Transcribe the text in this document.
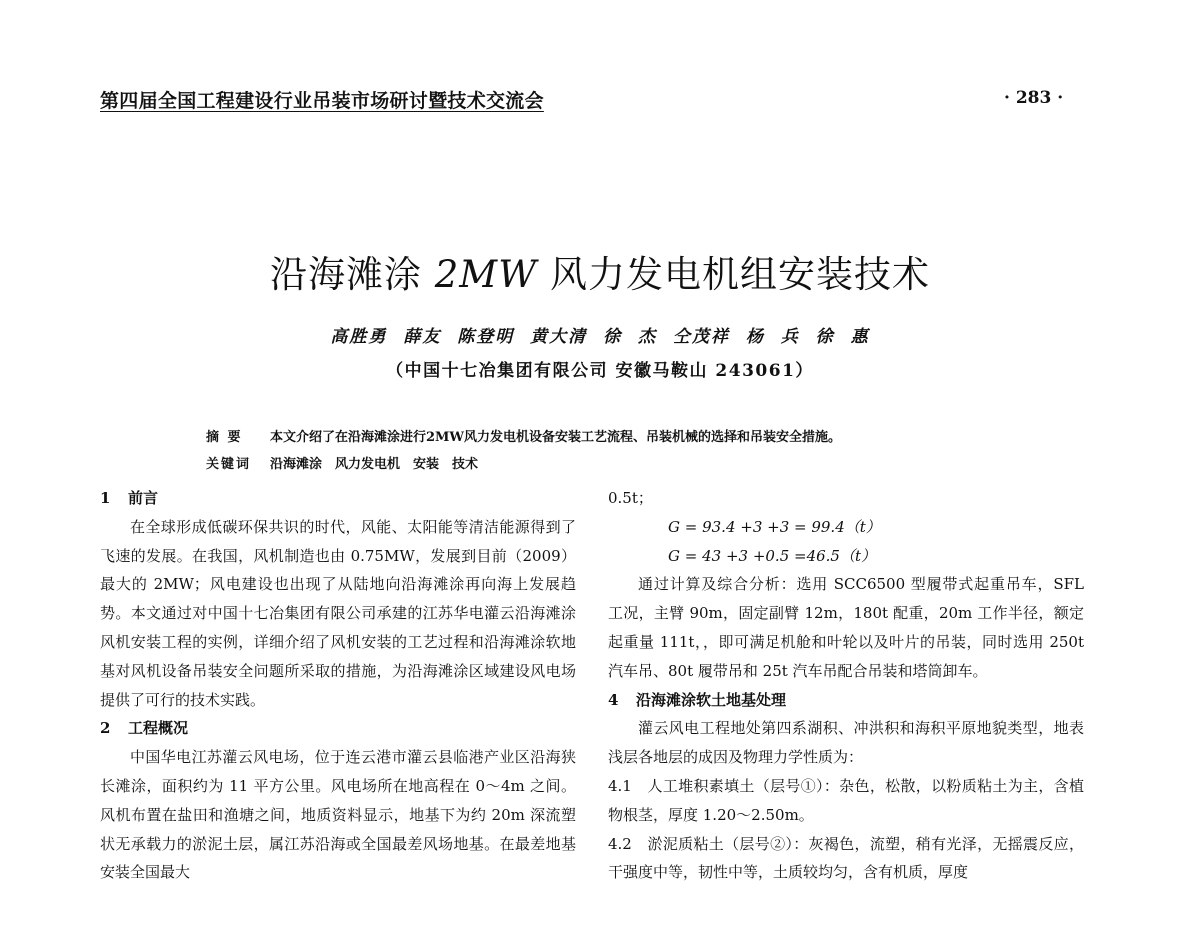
第四届全国工程建设行业吊装市场研讨暨技术交流会	· 283 ·
沿海滩涂 2MW 风力发电机组安装技术
高胜勇 薛友 陈登明 黄大清 徐 杰 仝茂祥 杨 兵 徐 惠
（中国十七冶集团有限公司 安徽马鞍山 243061）
摘 要 本文介绍了在沿海滩涂进行2MW风力发电机设备安装工艺流程、吊装机械的选择和吊装安全措施。
关键词 沿海滩涂　风力发电机　安装　技术
1 前言

在全球形成低碳环保共识的时代，风能、太阳能等清洁能源得到了飞速的发展。在我国，风机制造也由 0.75MW，发展到目前（2009）最大的 2MW；风电建设也出现了从陆地向沿海滩涂再向海上发展趋势。本文通过对中国十七冶集团有限公司承建的江苏华电灌云沿海滩涂风机安装工程的实例，详细介绍了风机安装的工艺过程和沿海滩涂软地基对风机设备吊装安全问题所采取的措施，为沿海滩涂区域建设风电场提供了可行的技术实践。

2 工程概况

中国华电江苏灌云风电场，位于连云港市灌云县临港产业区沿海狭长滩涂，面积约为 11 平方公里。风电场所在地高程在 0～4m 之间。风机布置在盐田和渔塘之间，地质资料显示，地基下为约 20m 深流塑状无承载力的淤泥土层，属江苏沿海或全国最差风场地基。在最差地基安装全国最大

0.5t；

G = 93.4 +3 +3 = 99.4（t）

G = 43 +3 +0.5 =46.5（t）

通过计算及综合分析：选用 SCC6500 型履带式起重吊车，SFL 工况，主臂 90m，固定副臂 12m，180t 配重，20m 工作半径，额定起重量 111t，，即可满足机舱和叶轮以及叶片的吊装，同时选用 250t 汽车吊、80t 履带吊和 25t 汽车吊配合吊装和塔筒卸车。

4 沿海滩涂软土地基处理

灌云风电工程地处第四系湖积、冲洪积和海积平原地貌类型，地表浅层各地层的成因及物理力学性质为：

4.1　人工堆积素填土（层号①）：杂色，松散，以粉质粘土为主，含植物根茎，厚度 1.20～2.50m。

4.2　淤泥质粘土（层号②）：灰褐色，流塑，稍有光泽，无摇震反应，干强度中等，韧性中等，土质较均匀，含有机质，厚度
